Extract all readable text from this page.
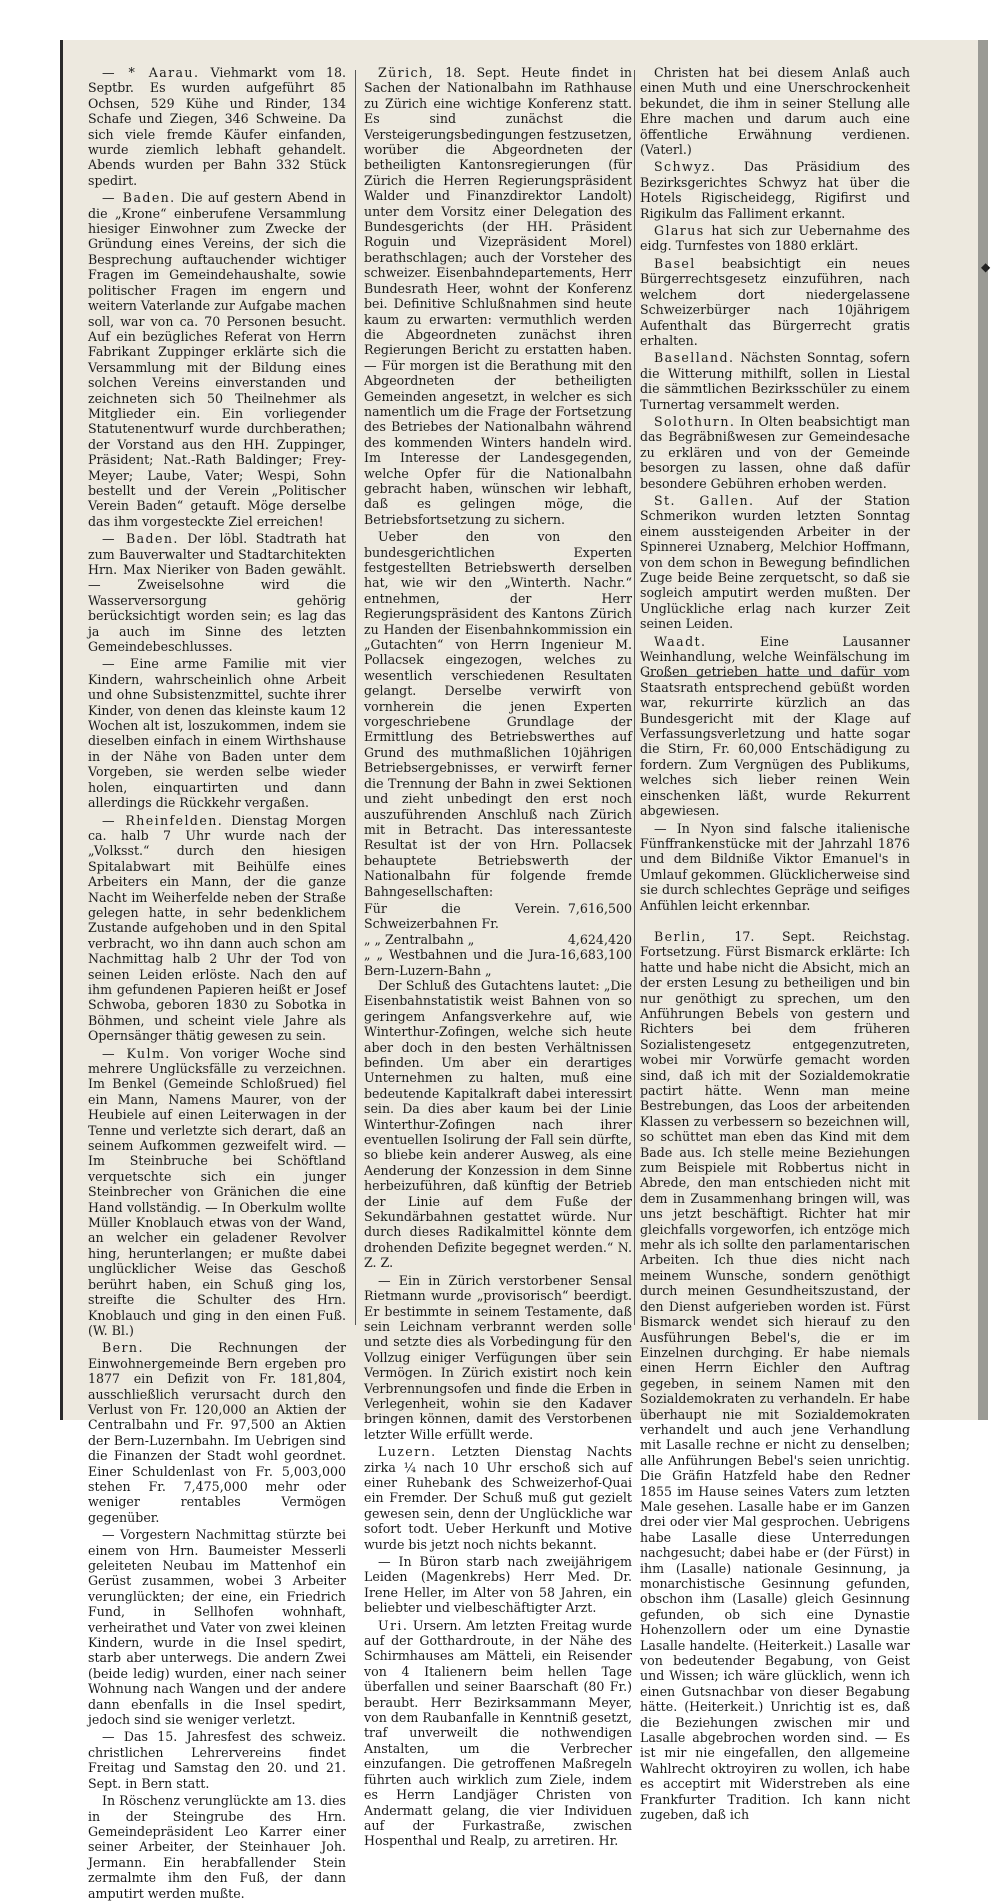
◆

— * Aarau. Viehmarkt vom 18. Septbr. Es wurden aufgeführt 85 Ochsen, 529 Kühe und Rinder, 134 Schafe und Ziegen, 346 Schweine. Da sich viele fremde Käufer einfanden, wurde ziemlich lebhaft gehandelt. Abends wurden per Bahn 332 Stück spedirt.

— Baden. Die auf gestern Abend in die „Krone“ einberufene Versammlung hiesiger Einwohner zum Zwecke der Gründung eines Vereins, der sich die Besprechung auftauchender wichtiger Fragen im Gemeindehaushalte, sowie politischer Fragen im engern und weitern Vaterlande zur Aufgabe machen soll, war von ca. 70 Personen besucht. Auf ein bezügliches Referat von Herrn Fabrikant Zuppinger erklärte sich die Versammlung mit der Bildung eines solchen Vereins einverstanden und zeichneten sich 50 Theilnehmer als Mitglieder ein. Ein vorliegender Statutenentwurf wurde durchberathen; der Vorstand aus den HH. Zuppinger, Präsident; Nat.-Rath Baldinger; Frey-Meyer; Laube, Vater; Wespi, Sohn bestellt und der Verein „Politischer Verein Baden“ getauft. Möge derselbe das ihm vorgesteckte Ziel erreichen!

— Baden. Der löbl. Stadtrath hat zum Bauverwalter und Stadtarchitekten Hrn. Max Nieriker von Baden gewählt. — Zweiselsohne wird die Wasserversorgung gehörig berücksichtigt worden sein; es lag das ja auch im Sinne des letzten Gemeindebeschlusses.

— Eine arme Familie mit vier Kindern, wahrscheinlich ohne Arbeit und ohne Subsistenzmittel, suchte ihrer Kinder, von denen das kleinste kaum 12 Wochen alt ist, loszukommen, indem sie dieselben einfach in einem Wirthshause in der Nähe von Baden unter dem Vorgeben, sie werden selbe wieder holen, einquartirten und dann allerdings die Rückkehr vergaßen.

— Rheinfelden. Dienstag Morgen ca. halb 7 Uhr wurde nach der „Volksst.“ durch den hiesigen Spitalabwart mit Beihülfe eines Arbeiters ein Mann, der die ganze Nacht im Weiherfelde neben der Straße gelegen hatte, in sehr bedenklichem Zustande aufgehoben und in den Spital verbracht, wo ihn dann auch schon am Nachmittag halb 2 Uhr der Tod von seinen Leiden erlöste. Nach den auf ihm gefundenen Papieren heißt er Josef Schwoba, geboren 1830 zu Sobotka in Böhmen, und scheint viele Jahre als Opernsänger thätig gewesen zu sein.

— Kulm. Von voriger Woche sind mehrere Unglücksfälle zu verzeichnen. Im Benkel (Gemeinde Schloßrued) fiel ein Mann, Namens Maurer, von der Heubiele auf einen Leiterwagen in der Tenne und verletzte sich derart, daß an seinem Aufkommen gezweifelt wird. — Im Steinbruche bei Schöftland verquetschte sich ein junger Steinbrecher von Gränichen die eine Hand vollständig. — In Oberkulm wollte Müller Knoblauch etwas von der Wand, an welcher ein geladener Revolver hing, herunterlangen; er mußte dabei unglücklicher Weise das Geschoß berührt haben, ein Schuß ging los, streifte die Schulter des Hrn. Knoblauch und ging in den einen Fuß. (W. Bl.)

Bern. Die Rechnungen der Einwohnergemeinde Bern ergeben pro 1877 ein Defizit von Fr. 181,804, ausschließlich verursacht durch den Verlust von Fr. 120,000 an Aktien der Centralbahn und Fr. 97,500 an Aktien der Bern-Luzernbahn. Im Uebrigen sind die Finanzen der Stadt wohl geordnet. Einer Schuldenlast von Fr. 5,003,000 stehen Fr. 7,475,000 mehr oder weniger rentables Vermögen gegenüber.

— Vorgestern Nachmittag stürzte bei einem von Hrn. Baumeister Messerli geleiteten Neubau im Mattenhof ein Gerüst zusammen, wobei 3 Arbeiter verunglückten; der eine, ein Friedrich Fund, in Sellhofen wohnhaft, verheirathet und Vater von zwei kleinen Kindern, wurde in die Insel spedirt, starb aber unterwegs. Die andern Zwei (beide ledig) wurden, einer nach seiner Wohnung nach Wangen und der andere dann ebenfalls in die Insel spedirt, jedoch sind sie weniger verletzt.

— Das 15. Jahresfest des schweiz. christlichen Lehrervereins findet Freitag und Samstag den 20. und 21. Sept. in Bern statt.

In Röschenz verunglückte am 13. dies in der Steingrube des Hrn. Gemeindepräsident Leo Karrer einer seiner Arbeiter, der Steinhauer Joh. Jermann. Ein herabfallender Stein zermalmte ihm den Fuß, der dann amputirt werden mußte.

Zürich, 18. Sept. Heute findet in Sachen der Nationalbahn im Rathhause zu Zürich eine wichtige Konferenz statt. Es sind zunächst die Versteigerungsbedingungen festzusetzen, worüber die Abgeordneten der betheiligten Kantonsregierungen (für Zürich die Herren Regierungspräsident Walder und Finanzdirektor Landolt) unter dem Vorsitz einer Delegation des Bundesgerichts (der HH. Präsident Roguin und Vizepräsident Morel) berathschlagen; auch der Vorsteher des schweizer. Eisenbahndepartements, Herr Bundesrath Heer, wohnt der Konferenz bei. Definitive Schlußnahmen sind heute kaum zu erwarten: vermuthlich werden die Abgeordneten zunächst ihren Regierungen Bericht zu erstatten haben. — Für morgen ist die Berathung mit den Abgeordneten der betheiligten Gemeinden angesetzt, in welcher es sich namentlich um die Frage der Fortsetzung des Betriebes der Nationalbahn während des kommenden Winters handeln wird. Im Interesse der Landesgegenden, welche Opfer für die Nationalbahn gebracht haben, wünschen wir lebhaft, daß es gelingen möge, die Betriebsfortsetzung zu sichern.

Ueber den von den bundesgerichtlichen Experten festgestellten Betriebswerth derselben hat, wie wir den „Winterth. Nachr.“ entnehmen, der Herr Regierungspräsident des Kantons Zürich zu Handen der Eisenbahnkommission ein „Gutachten“ von Herrn Ingenieur M. Pollacsek eingezogen, welches zu wesentlich verschiedenen Resultaten gelangt. Derselbe verwirft von vornherein die jenen Experten vorgeschriebene Grundlage der Ermittlung des Betriebswerthes auf Grund des muthmaßlichen 10jährigen Betriebsergebnisses, er verwirft ferner die Trennung der Bahn in zwei Sektionen und zieht unbedingt den erst noch auszuführenden Anschluß nach Zürich mit in Betracht. Das interessanteste Resultat ist der von Hrn. Pollacsek behauptete Betriebswerth der Nationalbahn für folgende fremde Bahngesellschaften:

Für die Verein. Schweizerbahnen Fr.	7,616,500
„ „ Zentralbahn „	4,624,420
„ „ Westbahnen und die Jura-Bern-Luzern-Bahn „	16,683,100

Der Schluß des Gutachtens lautet: „Die Eisenbahnstatistik weist Bahnen von so geringem Anfangsverkehre auf, wie Winterthur-Zofingen, welche sich heute aber doch in den besten Verhältnissen befinden. Um aber ein derartiges Unternehmen zu halten, muß eine bedeutende Kapitalkraft dabei interessirt sein. Da dies aber kaum bei der Linie Winterthur-Zofingen nach ihrer eventuellen Isolirung der Fall sein dürfte, so bliebe kein anderer Ausweg, als eine Aenderung der Konzession in dem Sinne herbeizuführen, daß künftig der Betrieb der Linie auf dem Fuße der Sekundärbahnen gestattet würde. Nur durch dieses Radikalmittel könnte dem drohenden Defizite begegnet werden.“ N. Z. Z.

— Ein in Zürich verstorbener Sensal Rietmann wurde „provisorisch“ beerdigt. Er bestimmte in seinem Testamente, daß sein Leichnam verbrannt werden solle und setzte dies als Vorbedingung für den Vollzug einiger Verfügungen über sein Vermögen. In Zürich existirt noch kein Verbrennungsofen und finde die Erben in Verlegenheit, wohin sie den Kadaver bringen können, damit des Verstorbenen letzter Wille erfüllt werde.

Luzern. Letzten Dienstag Nachts zirka ¼ nach 10 Uhr erschoß sich auf einer Ruhebank des Schweizerhof-Quai ein Fremder. Der Schuß muß gut gezielt gewesen sein, denn der Unglückliche war sofort todt. Ueber Herkunft und Motive wurde bis jetzt noch nichts bekannt.

— In Büron starb nach zweijährigem Leiden (Magenkrebs) Herr Med. Dr. Irene Heller, im Alter von 58 Jahren, ein beliebter und vielbeschäftigter Arzt.

Uri. Ursern. Am letzten Freitag wurde auf der Gotthardroute, in der Nähe des Schirmhauses am Mätteli, ein Reisender von 4 Italienern beim hellen Tage überfallen und seiner Baarschaft (80 Fr.) beraubt. Herr Bezirksammann Meyer, von dem Raubanfalle in Kenntniß gesetzt, traf unverweilt die nothwendigen Anstalten, um die Verbrecher einzufangen. Die getroffenen Maßregeln führten auch wirklich zum Ziele, indem es Herrn Landjäger Christen von Andermatt gelang, die vier Individuen auf der Furkastraße, zwischen Hospenthal und Realp, zu arretiren. Hr.

Christen hat bei diesem Anlaß auch einen Muth und eine Unerschrockenheit bekundet, die ihm in seiner Stellung alle Ehre machen und darum auch eine öffentliche Erwähnung verdienen. (Vaterl.)

Schwyz. Das Präsidium des Bezirksgerichtes Schwyz hat über die Hotels Rigischeidegg, Rigifirst und Rigikulm das Falliment erkannt.

Glarus hat sich zur Uebernahme des eidg. Turnfestes von 1880 erklärt.

Basel beabsichtigt ein neues Bürgerrechtsgesetz einzuführen, nach welchem dort niedergelassene Schweizerbürger nach 10jährigem Aufenthalt das Bürgerrecht gratis erhalten.

Baselland. Nächsten Sonntag, sofern die Witterung mithilft, sollen in Liestal die sämmtlichen Bezirksschüler zu einem Turnertag versammelt werden.

Solothurn. In Olten beabsichtigt man das Begräbnißwesen zur Gemeindesache zu erklären und von der Gemeinde besorgen zu lassen, ohne daß dafür besondere Gebühren erhoben werden.

St. Gallen. Auf der Station Schmerikon wurden letzten Sonntag einem aussteigenden Arbeiter in der Spinnerei Uznaberg, Melchior Hoffmann, von dem schon in Bewegung befindlichen Zuge beide Beine zerquetscht, so daß sie sogleich amputirt werden mußten. Der Unglückliche erlag nach kurzer Zeit seinen Leiden.

Waadt.	Eine Lausanner Weinhandlung, welche Weinfälschung im Großen getrieben hatte und dafür vom Staatsrath entsprechend gebüßt worden war, rekurrirte kürzlich an das Bundesgericht mit der Klage auf Verfassungsverletzung und hatte sogar die Stirn, Fr. 60,000 Entschädigung zu fordern. Zum Vergnügen des Publikums, welches sich lieber reinen Wein einschenken läßt, wurde Rekurrent abgewiesen.

— In Nyon sind falsche italienische Fünffrankenstücke mit der Jahrzahl 1876 und dem Bildniße Viktor Emanuel's in Umlauf gekommen. Glücklicherweise sind sie durch schlechtes Gepräge und seifiges Anfühlen leicht erkennbar.

Berlin, 17. Sept. Reichstag. Fortsetzung. Fürst Bismarck erklärte: Ich hatte und habe nicht die Absicht, mich an der ersten Lesung zu betheiligen und bin nur genöthigt zu sprechen, um den Anführungen Bebels von gestern und Richters bei dem früheren Sozialistengesetz entgegenzutreten, wobei mir Vorwürfe gemacht worden sind, daß ich mit der Sozialdemokratie pactirt hätte. Wenn man meine Bestrebungen, das Loos der arbeitenden Klassen zu verbessern so bezeichnen will, so schüttet man eben das Kind mit dem Bade aus. Ich stelle meine Beziehungen zum Beispiele mit Robbertus nicht in Abrede, den man entschieden nicht mit dem in Zusammenhang bringen will, was uns jetzt beschäftigt. Richter hat mir gleichfalls vorgeworfen, ich entzöge mich mehr als ich sollte den parlamentarischen Arbeiten. Ich thue dies nicht nach meinem Wunsche, sondern genöthigt durch meinen Gesundheitszustand, der den Dienst aufgerieben worden ist. Fürst Bismarck wendet sich hierauf zu den Ausführungen Bebel's, die er im Einzelnen durchging. Er habe niemals einen Herrn Eichler den Auftrag gegeben, in seinem Namen mit den Sozialdemokraten zu verhandeln. Er habe überhaupt nie mit Sozialdemokraten verhandelt und auch jene Verhandlung mit Lasalle rechne er nicht zu denselben; alle Anführungen Bebel's seien unrichtig. Die Gräfin Hatzfeld habe den Redner 1855 im Hause seines Vaters zum letzten Male gesehen. Lasalle habe er im Ganzen drei oder vier Mal gesprochen. Uebrigens habe Lasalle diese Unterredungen nachgesucht; dabei habe er (der Fürst) in ihm (Lasalle) nationale Gesinnung, ja monarchistische Gesinnung gefunden, obschon ihm (Lasalle) gleich Gesinnung gefunden, ob sich eine Dynastie Hohenzollern oder um eine Dynastie Lasalle handelte. (Heiterkeit.) Lasalle war von bedeutender Begabung, von Geist und Wissen; ich wäre glücklich, wenn ich einen Gutsnachbar von dieser Begabung hätte. (Heiterkeit.) Unrichtig ist es, daß die Beziehungen zwischen mir und Lasalle abgebrochen worden sind. — Es ist mir nie eingefallen, den allgemeine Wahlrecht oktroyiren zu wollen, ich habe es acceptirt mit Widerstreben als eine Frankfurter Tradition. Ich kann nicht zugeben, daß ich
